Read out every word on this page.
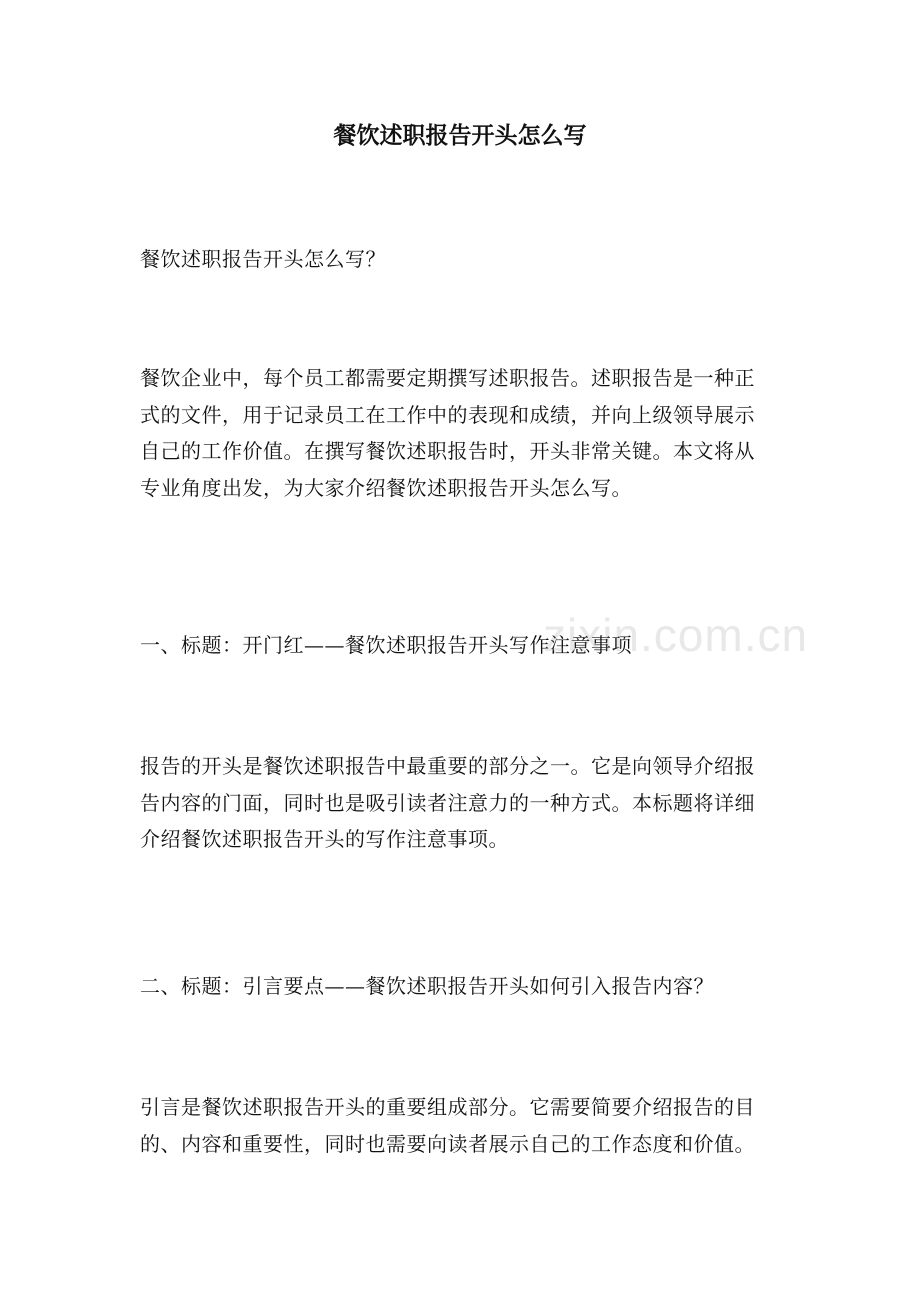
餐饮述职报告开头怎么写

餐饮述职报告开头怎么写？

餐饮企业中，每个员工都需要定期撰写述职报告。述职报告是一种正
式的文件，用于记录员工在工作中的表现和成绩，并向上级领导展示
自己的工作价值。在撰写餐饮述职报告时，开头非常关键。本文将从
专业角度出发，为大家介绍餐饮述职报告开头怎么写。

一、标题：开门红——餐饮述职报告开头写作注意事项

报告的开头是餐饮述职报告中最重要的部分之一。它是向领导介绍报
告内容的门面，同时也是吸引读者注意力的一种方式。本标题将详细
介绍餐饮述职报告开头的写作注意事项。

二、标题：引言要点——餐饮述职报告开头如何引入报告内容？

引言是餐饮述职报告开头的重要组成部分。它需要简要介绍报告的目
的、内容和重要性，同时也需要向读者展示自己的工作态度和价值。

zixin.com.cn
